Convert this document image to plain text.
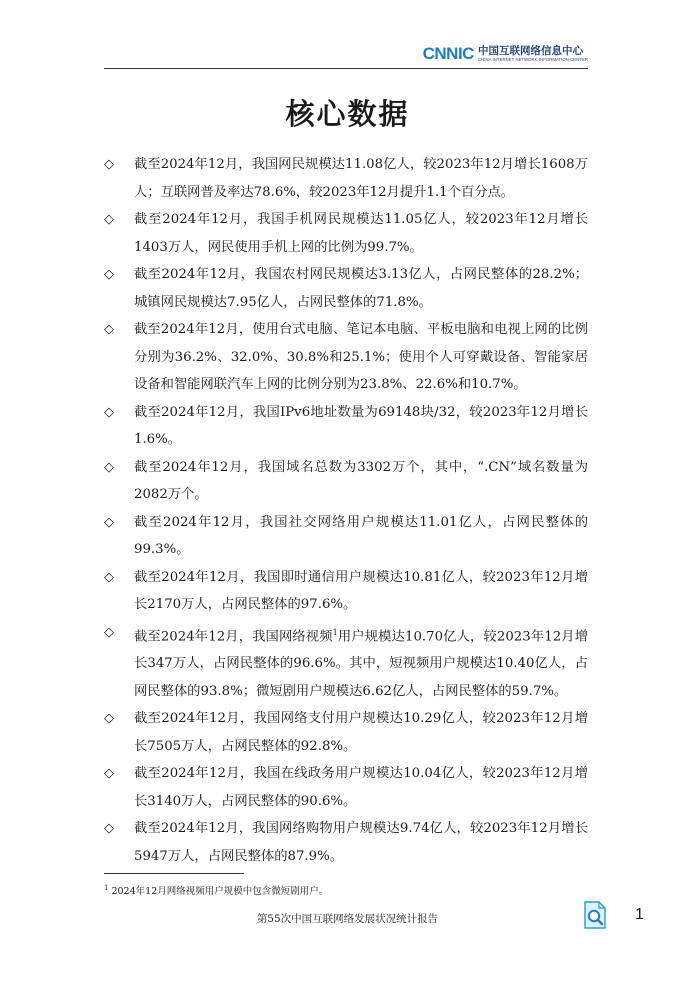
CNNIC 中国互联网络信息中心
CHINA INTERNET NETWORK INFORMATION CENTER
核心数据
◇ 截至2024年12月，我国网民规模达11.08亿人，较2023年12月增长1608万人；互联网普及率达78.6%，较2023年12月提升1.1个百分点。
◇ 截至2024年12月，我国手机网民规模达11.05亿人，较2023年12月增长1403万人，网民使用手机上网的比例为99.7%。
◇ 截至2024年12月，我国农村网民规模达3.13亿人，占网民整体的28.2%；城镇网民规模达7.95亿人，占网民整体的71.8%。
◇ 截至2024年12月，使用台式电脑、笔记本电脑、平板电脑和电视上网的比例分别为36.2%、32.0%、30.8%和25.1%；使用个人可穿戴设备、智能家居设备和智能网联汽车上网的比例分别为23.8%、22.6%和10.7%。
◇ 截至2024年12月，我国IPv6地址数量为69148块/32，较2023年12月增长1.6%。
◇ 截至2024年12月，我国域名总数为3302万个，其中，“.CN”域名数量为2082万个。
◇ 截至2024年12月，我国社交网络用户规模达11.01亿人，占网民整体的99.3%。
◇ 截至2024年12月，我国即时通信用户规模达10.81亿人，较2023年12月增长2170万人，占网民整体的97.6%。
◇ 截至2024年12月，我国网络视频$^1$用户规模达10.70亿人，较2023年12月增长347万人，占网民整体的96.6%。其中，短视频用户规模达10.40亿人，占网民整体的93.8%；微短剧用户规模达6.62亿人，占网民整体的59.7%。
◇ 截至2024年12月，我国网络支付用户规模达10.29亿人，较2023年12月增长7505万人，占网民整体的92.8%。
◇ 截至2024年12月，我国在线政务用户规模达10.04亿人，较2023年12月增长3140万人，占网民整体的90.6%。
◇ 截至2024年12月，我国网络购物用户规模达9.74亿人，较2023年12月增长5947万人，占网民整体的87.9%。
$^1$ 2024年12月网络视频用户规模中包含微短剧用户。
第55次中国互联网络发展状况统计报告	1
